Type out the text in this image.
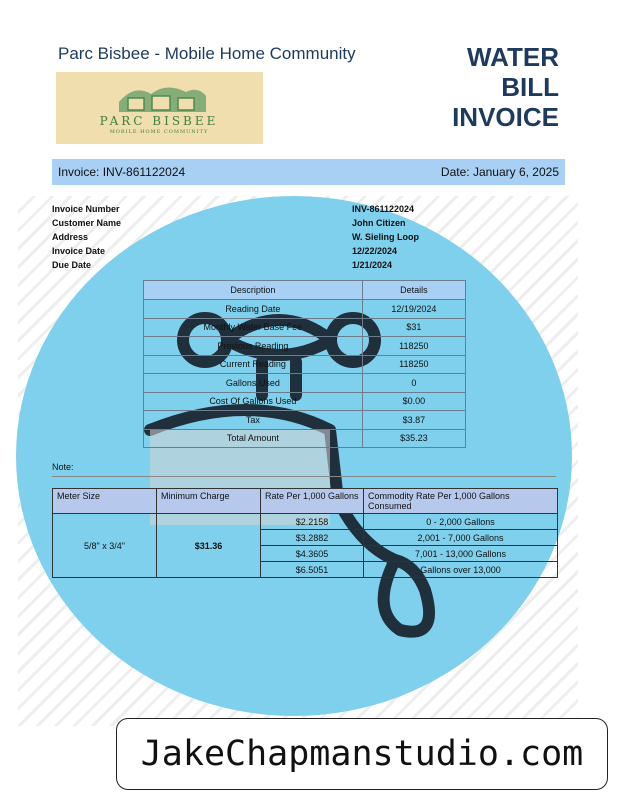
Parc Bisbee - Mobile Home Community
PARC BISBEE
MOBILE HOME COMMUNITY
WATER
BILL
INVOICE
Invoice: INV-861122024	Date: January 6, 2025
Invoice Number	INV-861122024
Customer Name	John Citizen
Address	W. Sieling Loop
Invoice Date	12/22/2024
Due Date	1/21/2024
Description	Details
Reading Date	12/19/2024
Monthly Water Base Fee	$31
Previous Reading	118250
Current Reading	118250
Gallons Used	0
Cost Of Gallons Used	$0.00
Tax	$3.87
Total Amount	$35.23
Note:
Meter Size	Minimum Charge	Rate Per 1,000 Gallons	Commodity Rate Per 1,000 Gallons Consumed
5/8" x 3/4"	$31.36	$2.2158	0 - 2,000 Gallons
		$3.2882	2,001 - 7,000 Gallons
		$4.3605	7,001 - 13,000 Gallons
		$6.5051	Gallons over 13,000
JakeChapmanstudio.com
